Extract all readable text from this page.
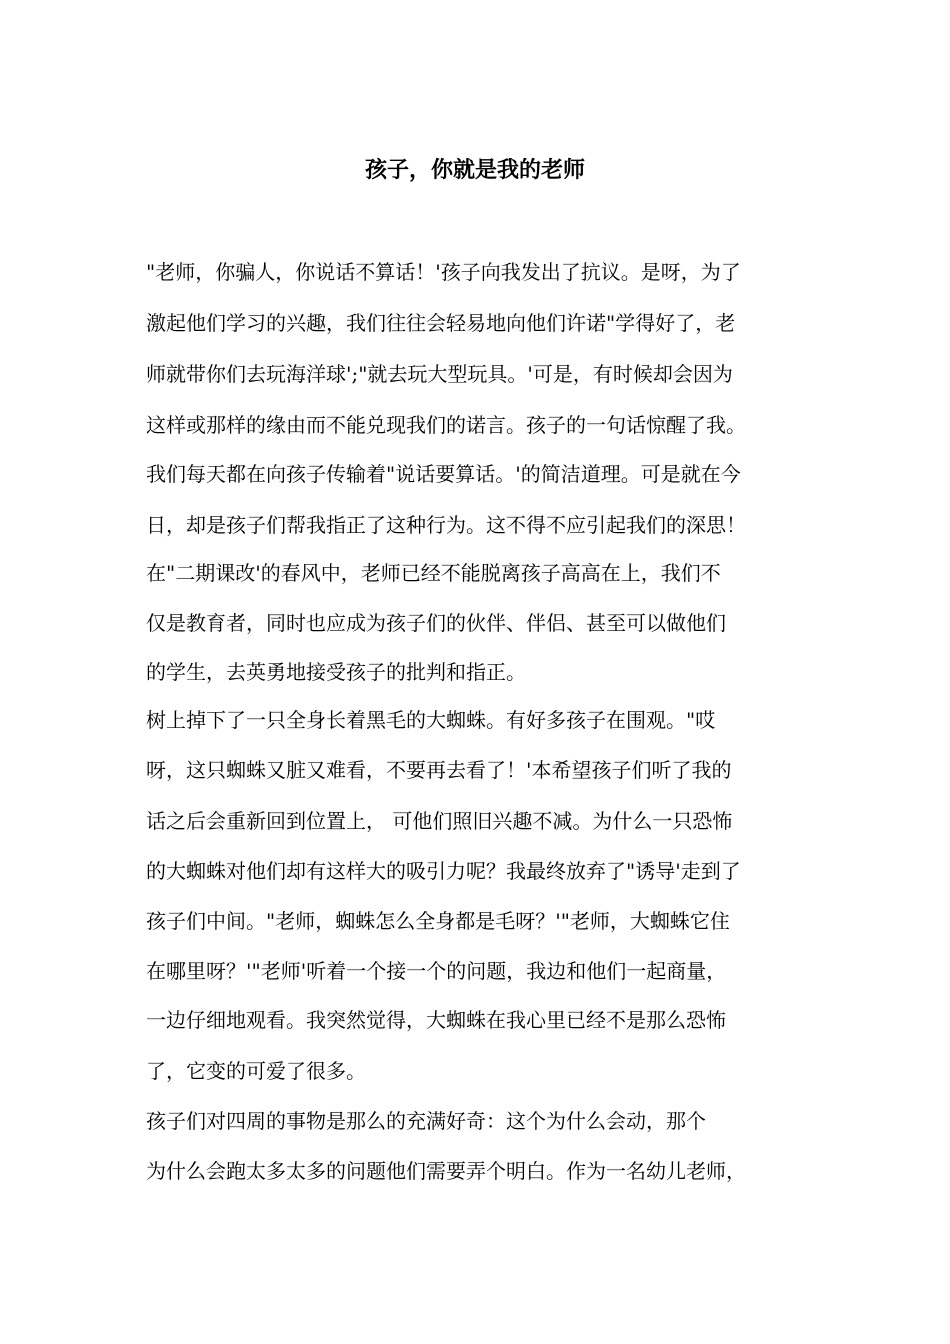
孩子，你就是我的老师

"老师，你骗人，你说话不算话！'孩子向我发出了抗议。是呀，为了

激起他们学习的兴趣，我们往往会轻易地向他们许诺"学得好了，老

师就带你们去玩海洋球';"就去玩大型玩具。'可是，有时候却会因为

这样或那样的缘由而不能兑现我们的诺言。孩子的一句话惊醒了我。

我们每天都在向孩子传输着"说话要算话。'的简洁道理。可是就在今

日，却是孩子们帮我指正了这种行为。这不得不应引起我们的深思！

在"二期课改'的春风中，老师已经不能脱离孩子高高在上，我们不

仅是教育者，同时也应成为孩子们的伙伴、伴侣、甚至可以做他们

的学生，去英勇地接受孩子的批判和指正。

树上掉下了一只全身长着黑毛的大蜘蛛。有好多孩子在围观。"哎

呀，这只蜘蛛又脏又难看，不要再去看了！'本希望孩子们听了我的

话之后会重新回到位置上， 可他们照旧兴趣不减。为什么一只恐怖

的大蜘蛛对他们却有这样大的吸引力呢？我最终放弃了"诱导'走到了

孩子们中间。"老师，蜘蛛怎么全身都是毛呀？'"老师，大蜘蛛它住

在哪里呀？'"老师'听着一个接一个的问题，我边和他们一起商量，

一边仔细地观看。我突然觉得，大蜘蛛在我心里已经不是那么恐怖

了，它变的可爱了很多。

孩子们对四周的事物是那么的充满好奇：这个为什么会动，那个

为什么会跑太多太多的问题他们需要弄个明白。作为一名幼儿老师，
